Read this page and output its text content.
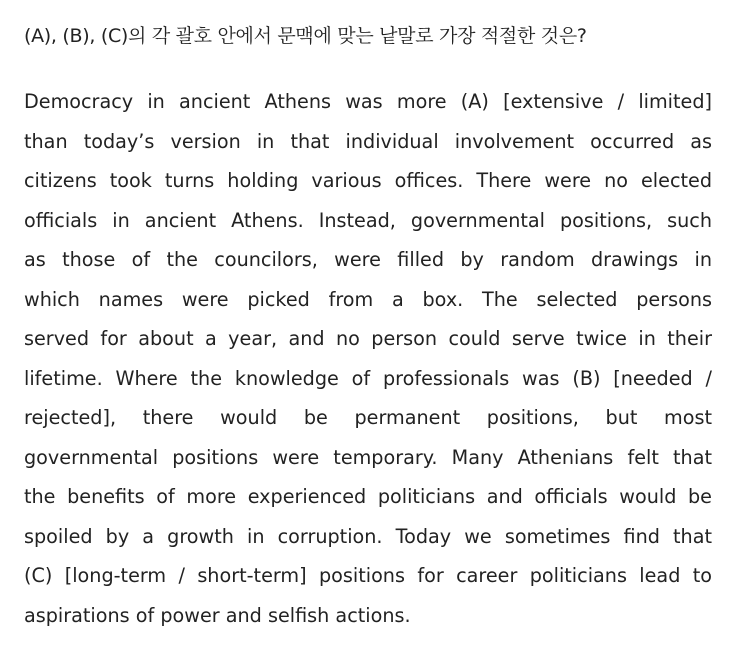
(A), (B), (C)의 각 괄호 안에서 문맥에 맞는 낱말로 가장 적절한 것은?
Democracy in ancient Athens was more (A) [extensive / limited]
than today’s version in that individual involvement occurred as
citizens took turns holding various offices. There were no elected
officials in ancient Athens. Instead, governmental positions, such
as those of the councilors, were filled by random drawings in
which names were picked from a box. The selected persons
served for about a year, and no person could serve twice in their
lifetime. Where the knowledge of professionals was (B) [needed /
rejected], there would be permanent positions, but most
governmental positions were temporary. Many Athenians felt that
the benefits of more experienced politicians and officials would be
spoiled by a growth in corruption. Today we sometimes find that
(C) [long-term / short-term] positions for career politicians lead to
aspirations of power and selfish actions.
